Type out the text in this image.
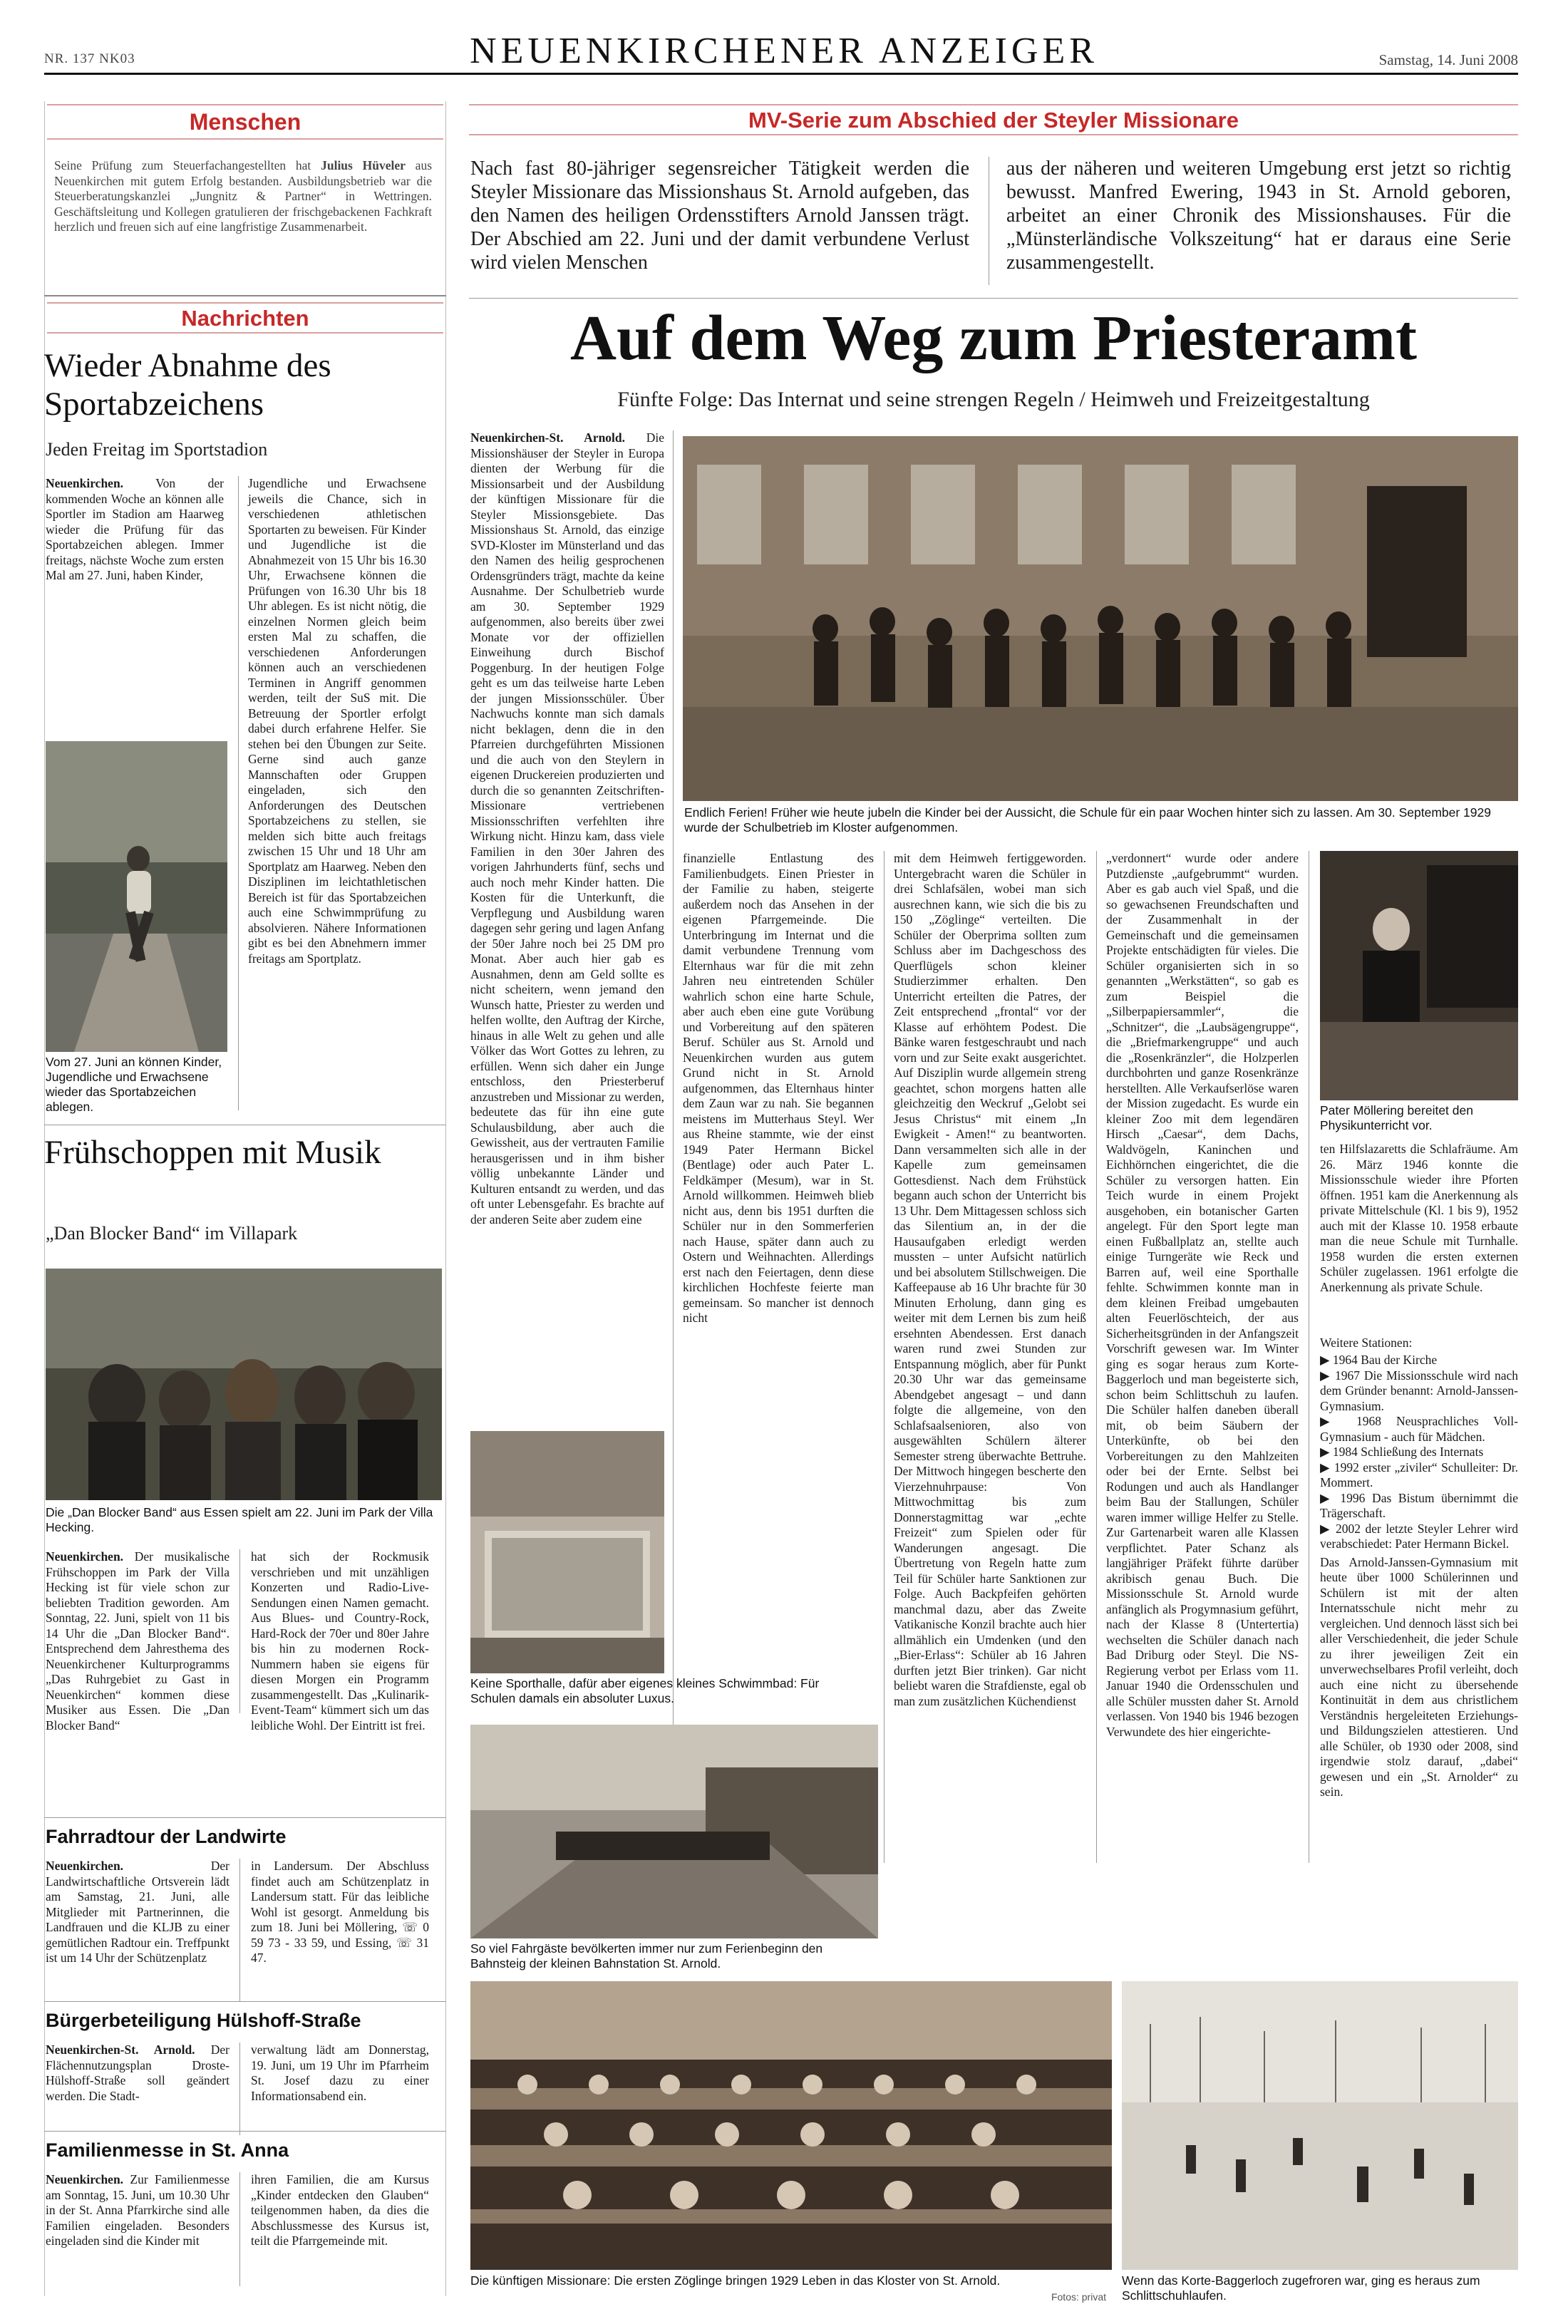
NR. 137 NK03	NEUENKIRCHENER ANZEIGER	Samstag, 14. Juni 2008
Menschen
Seine Prüfung zum Steuerfachangestellten hat Julius Hüveler aus Neuenkirchen mit gutem Erfolg bestanden. Ausbildungsbetrieb war die Steuerberatungskanzlei „Jungnitz & Partner“ in Wettringen. Geschäftsleitung und Kollegen gratulieren der frischgebackenen Fachkraft herzlich und freuen sich auf eine langfristige Zusammenarbeit.
Nachrichten
Wieder Abnahme des Sportabzeichens
Jeden Freitag im Sportstadion
Neuenkirchen.	Von der kommenden Woche an können alle Sportler im Stadion am Haarweg wieder die Prüfung für das Sportabzeichen ablegen. Immer freitags, nächste Woche zum ersten Mal am 27. Juni, haben Kinder,
Jugendliche und Erwachsene jeweils die Chance, sich in verschiedenen athletischen Sportarten zu beweisen. Für Kinder und Jugendliche ist die Abnahmezeit von 15 Uhr bis 16.30 Uhr, Erwachsene können die Prüfungen von 16.30 Uhr bis 18 Uhr ablegen. Es ist nicht nötig, die einzelnen Normen gleich beim ersten Mal zu schaffen, die verschiedenen Anforderungen können auch an verschiedenen Terminen in Angriff genommen werden, teilt der SuS mit. Die Betreuung der Sportler erfolgt dabei durch erfahrene Helfer. Sie stehen bei den Übungen zur Seite. Gerne sind auch ganze Mannschaften oder Gruppen eingeladen, sich den Anforderungen des Deutschen Sportabzeichens zu stellen, sie melden sich bitte auch freitags zwischen 15 Uhr und 18 Uhr am Sportplatz am Haarweg. Neben den Disziplinen im leichtathletischen Bereich ist für das Sportabzeichen auch eine Schwimmprüfung zu absolvieren. Nähere Informationen gibt es bei den Abnehmern immer freitags am Sportplatz.
Vom 27. Juni an können Kinder, Jugendliche und Erwachsene wieder das Sportabzeichen ablegen.
Frühschoppen mit Musik
„Dan Blocker Band“ im Villapark
Die „Dan Blocker Band“ aus Essen spielt am 22. Juni im Park der Villa Hecking.
Neuenkirchen. Der musikalische Frühschoppen im Park der Villa Hecking ist für viele schon zur beliebten Tradition geworden. Am Sonntag, 22. Juni, spielt von 11 bis 14 Uhr die „Dan Blocker Band“. Entsprechend dem Jahresthema des Neuenkirchener Kulturprogramms „Das Ruhrgebiet zu Gast in Neuenkirchen“ kommen diese Musiker aus Essen. Die „Dan Blocker Band“
hat sich der Rockmusik verschrieben und mit unzähligen Konzerten und Radio-Live-Sendungen einen Namen gemacht. Aus Blues- und Country-Rock, Hard-Rock der 70er und 80er Jahre bis hin zu modernen Rock-Nummern haben sie eigens für diesen Morgen ein Programm zusammengestellt. Das „Kulinarik-Event-Team“ kümmert sich um das leibliche Wohl. Der Eintritt ist frei.
Fahrradtour der Landwirte
Neuenkirchen.	Der Landwirtschaftliche Ortsverein lädt am Samstag, 21. Juni, alle Mitglieder mit Partnerinnen, die Landfrauen und die KLJB zu einer gemütlichen Radtour ein. Treffpunkt ist um 14 Uhr der Schützenplatz
in Landersum. Der Abschluss findet auch am Schützenplatz in Landersum statt. Für das leibliche Wohl ist gesorgt. Anmeldung bis zum 18. Juni bei Möllering, ☏ 0 59 73 - 33 59, und Essing, ☏ 31 47.
Bürgerbeteiligung Hülshoff-Straße
Neuenkirchen-St. Arnold. Der Flächennutzungsplan Droste-Hülshoff-Straße soll geändert werden. Die Stadt-
verwaltung lädt am Donnerstag, 19. Juni, um 19 Uhr im Pfarrheim St. Josef dazu zu einer Informationsabend ein.
Familienmesse in St. Anna
Neuenkirchen. Zur Familienmesse am Sonntag, 15. Juni, um 10.30 Uhr in der St. Anna Pfarrkirche sind alle Familien eingeladen. Besonders eingeladen sind die Kinder mit
ihren Familien, die am Kursus „Kinder entdecken den Glauben“ teilgenommen haben, da dies die Abschlussmesse des Kursus ist, teilt die Pfarrgemeinde mit.
MV-Serie zum Abschied der Steyler Missionare
Nach fast 80-jähriger segensreicher Tätigkeit werden die Steyler Missionare das Missionshaus St. Arnold aufgeben, das den Namen des heiligen Ordensstifters Arnold Janssen trägt. Der Abschied am 22. Juni und der damit verbundene Verlust wird vielen Menschen
aus der näheren und weiteren Umgebung erst jetzt so richtig bewusst. Manfred Ewering, 1943 in St. Arnold geboren, arbeitet an einer Chronik des Missionshauses. Für die „Münsterländische Volkszeitung“ hat er daraus eine Serie zusammengestellt.
Auf dem Weg zum Priesteramt
Fünfte Folge: Das Internat und seine strengen Regeln / Heimweh und Freizeitgestaltung
Neuenkirchen-St. Arnold. Die Missionshäuser der Steyler in Europa dienten der Werbung für die Missionsarbeit und der Ausbildung der künftigen Missionare für die Steyler Missionsgebiete. Das Missionshaus St. Arnold, das einzige SVD-Kloster im Münsterland und das den Namen des heilig gesprochenen Ordensgründers trägt, machte da keine Ausnahme. Der Schulbetrieb wurde am 30. September 1929 aufgenommen, also bereits über zwei Monate vor der offiziellen Einweihung durch Bischof Poggenburg. In der heutigen Folge geht es um das teilweise harte Leben der jungen Missionsschüler. Über Nachwuchs konnte man sich damals nicht beklagen, denn die in den Pfarreien durchgeführten Missionen und die auch von den Steylern in eigenen Druckereien produzierten und durch die so genannten Zeitschriften-Missionare vertriebenen Missionsschriften verfehlten ihre Wirkung nicht. Hinzu kam, dass viele Familien in den 30er Jahren des vorigen Jahrhunderts fünf, sechs und auch noch mehr Kinder hatten. Die Kosten für die Unterkunft, die Verpflegung und Ausbildung waren dagegen sehr gering und lagen Anfang der 50er Jahre noch bei 25 DM pro Monat. Aber auch hier gab es Ausnahmen, denn am Geld sollte es nicht scheitern, wenn jemand den Wunsch hatte, Priester zu werden und helfen wollte, den Auftrag der Kirche, hinaus in alle Welt zu gehen und alle Völker das Wort Gottes zu lehren, zu erfüllen. Wenn sich daher ein Junge entschloss, den Priesterberuf anzustreben und Missionar zu werden, bedeutete das für ihn eine gute Schulausbildung, aber auch die Gewissheit, aus der vertrauten Familie herausgerissen und in ihm bisher völlig unbekannte Länder und Kulturen entsandt zu werden, und das oft unter Lebensgefahr. Es brachte auf der anderen Seite aber zudem eine
Endlich Ferien! Früher wie heute jubeln die Kinder bei der Aussicht, die Schule für ein paar Wochen hinter sich zu lassen. Am 30. September 1929 wurde der Schulbetrieb im Kloster aufgenommen.
finanzielle Entlastung des Familienbudgets. Einen Priester in der Familie zu haben, steigerte außerdem noch das Ansehen in der eigenen Pfarrgemeinde. Die Unterbringung im Internat und die damit verbundene Trennung vom Elternhaus war für die mit zehn Jahren neu eintretenden Schüler wahrlich schon eine harte Schule, aber auch eben eine gute Vorübung und Vorbereitung auf den späteren Beruf. Schüler aus St. Arnold und Neuenkirchen wurden aus gutem Grund nicht in St. Arnold aufgenommen, das Elternhaus hinter dem Zaun war zu nah. Sie begannen meistens im Mutterhaus Steyl. Wer aus Rheine stammte, wie der einst 1949 Pater Hermann Bickel (Bentlage) oder auch Pater L. Feldkämper (Mesum), war in St. Arnold willkommen. Heimweh blieb nicht aus, denn bis 1951 durften die Schüler nur in den Sommerferien nach Hause, später dann auch zu Ostern und Weihnachten. Allerdings erst nach den Feiertagen, denn diese kirchlichen Hochfeste feierte man gemeinsam. So mancher ist dennoch nicht
mit dem Heimweh fertiggeworden. Untergebracht waren die Schüler in drei Schlafsälen, wobei man sich ausrechnen kann, wie sich die bis zu 150 „Zöglinge“ verteilten. Die Schüler der Oberprima sollten zum Schluss aber im Dachgeschoss des Querflügels schon kleiner Studierzimmer erhalten. Den Unterricht erteilten die Patres, der Zeit entsprechend „frontal“ vor der Klasse auf erhöhtem Podest. Die Bänke waren festgeschraubt und nach vorn und zur Seite exakt ausgerichtet. Auf Disziplin wurde allgemein streng geachtet, schon morgens hatten alle gleichzeitig den Weckruf „Gelobt sei Jesus Christus“ mit einem „In Ewigkeit - Amen!“ zu beantworten. Dann versammelten sich alle in der Kapelle zum gemeinsamen Gottesdienst. Nach dem Frühstück begann auch schon der Unterricht bis 13 Uhr. Dem Mittagessen schloss sich das Silentium an, in der die Hausaufgaben erledigt werden mussten – unter Aufsicht natürlich und bei absolutem Stillschweigen. Die Kaffeepause ab 16 Uhr brachte für 30 Minuten Erholung, dann ging es weiter mit dem Lernen bis zum heiß ersehnten Abendessen. Erst danach waren rund zwei Stunden zur Entspannung möglich, aber für Punkt 20.30 Uhr war das gemeinsame Abendgebet angesagt – und dann folgte die allgemeine, von den Schlafsaalsenioren, also von ausgewählten Schülern älterer Semester streng überwachte Bettruhe. Der Mittwoch hingegen bescherte den Vierzehnuhrpause: Von Mittwochmittag bis zum Donnerstagmittag war „echte Freizeit“ zum Spielen oder für Wanderungen angesagt. Die Übertretung von Regeln hatte zum Teil für Schüler harte Sanktionen zur Folge. Auch Backpfeifen gehörten manchmal dazu, aber das Zweite Vatikanische Konzil brachte auch hier allmählich ein Umdenken (und den „Bier-Erlass“: Schüler ab 16 Jahren durften jetzt Bier trinken). Gar nicht beliebt waren die Strafdienste, egal ob man zum zusätzlichen Küchendienst
„verdonnert“ wurde oder andere Putzdienste „aufgebrummt“ wurden. Aber es gab auch viel Spaß, und die so gewachsenen Freundschaften und der Zusammenhalt in der Gemeinschaft und die gemeinsamen Projekte entschädigten für vieles. Die Schüler organisierten sich in so genannten „Werkstätten“, so gab es zum Beispiel die „Silberpapiersammler“, die „Schnitzer“, die „Laubsägengruppe“, die „Briefmarkengruppe“ und auch die „Rosenkränzler“, die Holzperlen durchbohrten und ganze Rosenkränze herstellten. Alle Verkaufserlöse waren der Mission zugedacht. Es wurde ein kleiner Zoo mit dem legendären Hirsch „Caesar“, dem Dachs, Waldvögeln, Kaninchen und Eichhörnchen eingerichtet, die die Schüler zu versorgen hatten. Ein Teich wurde in einem Projekt ausgehoben, ein botanischer Garten angelegt. Für den Sport legte man einen Fußballplatz an, stellte auch einige Turngeräte wie Reck und Barren auf, weil eine Sporthalle fehlte. Schwimmen konnte man in dem kleinen Freibad umgebauten alten Feuerlöschteich, der aus Sicherheitsgründen in der Anfangszeit Vorschrift gewesen war. Im Winter ging es sogar heraus zum Korte-Baggerloch und man begeisterte sich, schon beim Schlittschuh zu laufen. Die Schüler halfen daneben überall mit, ob beim Säubern der Unterkünfte, ob bei den Vorbereitungen zu den Mahlzeiten oder bei der Ernte. Selbst bei Rodungen und auch als Handlanger beim Bau der Stallungen, Schüler waren immer willige Helfer zu Stelle. Zur Gartenarbeit waren alle Klassen verpflichtet. Pater Schanz als langjähriger Präfekt führte darüber akribisch genau Buch. Die Missionsschule St. Arnold wurde anfänglich als Progymnasium geführt, nach der Klasse 8 (Untertertia) wechselten die Schüler danach nach Bad Driburg oder Steyl. Die NS-Regierung verbot per Erlass vom 11. Januar 1940 die Ordensschulen und alle Schüler mussten daher St. Arnold verlassen. Von 1940 bis 1946 bezogen Verwundete des hier eingerichte-
Pater Möllering bereitet den Physikunterricht vor.
ten Hilfslazaretts die Schlafräume. Am 26. März 1946 konnte die Missionsschule wieder ihre Pforten öffnen. 1951 kam die Anerkennung als private Mittelschule (Kl. 1 bis 9), 1952 auch mit der Klasse 10. 1958 erbaute man die neue Schule mit Turnhalle. 1958 wurden die ersten externen Schüler zugelassen. 1961 erfolgte die Anerkennung als private Schule.
Weitere Stationen:
▶ 1964 Bau der Kirche
▶ 1967 Die Missionsschule wird nach dem Gründer benannt: Arnold-Janssen-Gymnasium.
▶ 1968 Neusprachliches Voll-Gymnasium - auch für Mädchen.
▶ 1984 Schließung des Internats
▶ 1992 erster „ziviler“ Schulleiter: Dr. Mommert.
▶ 1996 Das Bistum übernimmt die Trägerschaft.
▶ 2002 der letzte Steyler Lehrer wird verabschiedet: Pater Hermann Bickel.
Das Arnold-Janssen-Gymnasium mit heute über 1000 Schülerinnen und Schülern ist mit der alten Internatsschule nicht mehr zu vergleichen. Und dennoch lässt sich bei aller Verschiedenheit, die jeder Schule zu ihrer jeweiligen Zeit ein unverwechselbares Profil verleiht, doch auch eine nicht zu übersehende Kontinuität in dem aus christlichem Verständnis hergeleiteten Erziehungs- und Bildungszielen attestieren. Und alle Schüler, ob 1930 oder 2008, sind irgendwie stolz darauf, „dabei“ gewesen und ein „St. Arnolder“ zu sein.
Keine Sporthalle, dafür aber eigenes kleines Schwimmbad: Für Schulen damals ein absoluter Luxus.
So viel Fahrgäste bevölkerten immer nur zum Ferienbeginn den Bahnsteig der kleinen Bahnstation St. Arnold.
Die künftigen Missionare: Die ersten Zöglinge bringen 1929 Leben in das Kloster von St. Arnold.
Fotos: privat
Wenn das Korte-Baggerloch zugefroren war, ging es heraus zum Schlittschuhlaufen.
